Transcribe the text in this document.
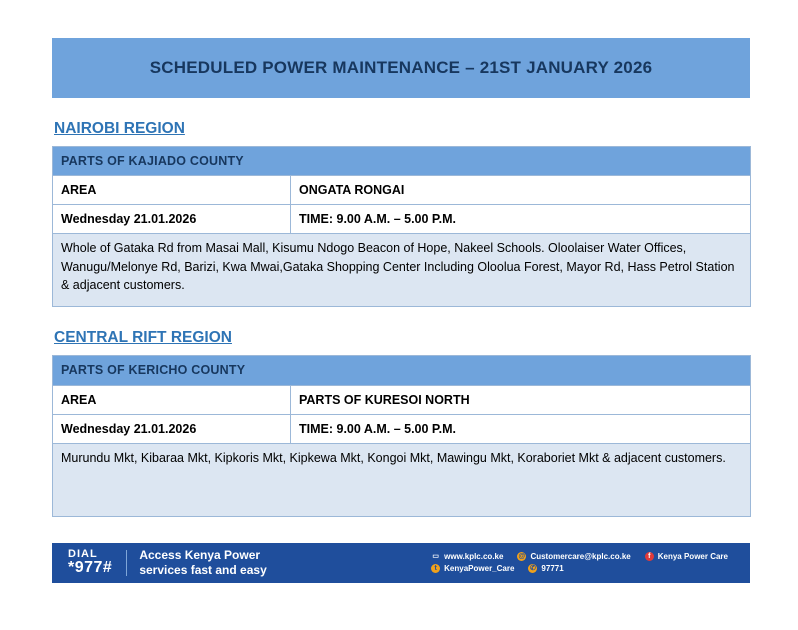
SCHEDULED POWER MAINTENANCE – 21ST JANUARY 2026
NAIROBI REGION
PARTS OF KAJIADO COUNTY	
AREA	ONGATA RONGAI
Wednesday 21.01.2026	TIME: 9.00 A.M. – 5.00 P.M.
Whole of Gataka Rd from Masai Mall, Kisumu Ndogo Beacon of Hope, Nakeel Schools. Oloolaiser Water Offices, Wanugu/Melonye Rd, Barizi, Kwa Mwai,Gataka Shopping Center Including Oloolua Forest, Mayor Rd, Hass Petrol Station & adjacent customers.	
CENTRAL RIFT REGION
PARTS OF KERICHO COUNTY	
AREA	PARTS OF KURESOI NORTH
Wednesday 21.01.2026	TIME: 9.00 A.M. – 5.00 P.M.
Murundu Mkt, Kibaraa Mkt, Kipkoris Mkt, Kipkewa Mkt, Kongoi Mkt, Mawingu Mkt, Koraboriet Mkt & adjacent customers.	
DIAL
*977#
Access Kenya Power
services fast and easy
▭ www.kplc.co.ke @ Customercare@kplc.co.ke	f Kenya Power Care
t KenyaPower_Care ✆ 97771
